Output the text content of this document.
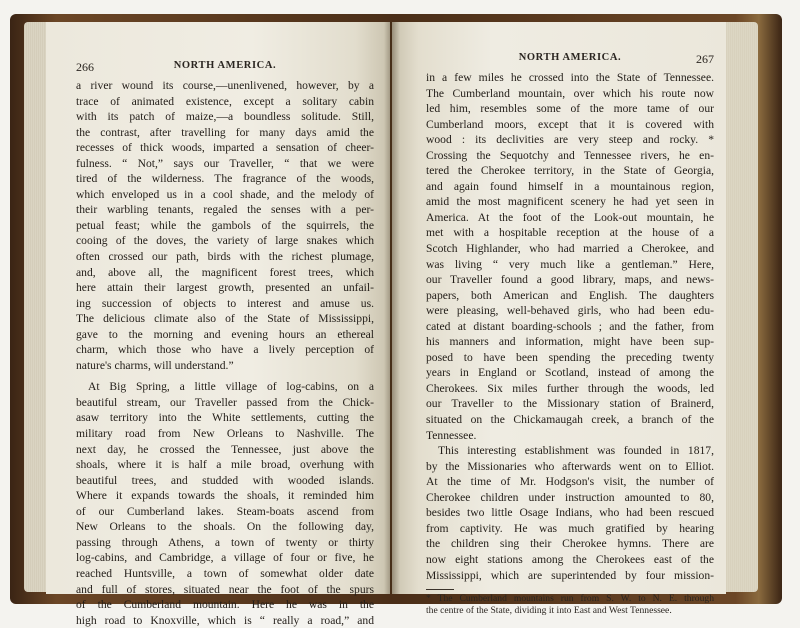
266	NORTH AMERICA.
a river wound its course,—unenlivened, however, by a
trace of animated existence, except a solitary cabin
with its patch of maize,—a boundless solitude. Still,
the contrast, after travelling for many days amid the
recesses of thick woods, imparted a sensation of cheer-
fulness. “ Not,” says our Traveller, “ that we were
tired of the wilderness. The fragrance of the woods,
which enveloped us in a cool shade, and the melody of
their warbling tenants, regaled the senses with a per-
petual feast; while the gambols of the squirrels, the
cooing of the doves, the variety of large snakes which
often crossed our path, birds with the richest plumage,
and, above all, the magnificent forest trees, which
here attain their largest growth, presented an unfail-
ing succession of objects to interest and amuse us.
The delicious climate also of the State of Mississippi,
gave to the morning and evening hours an ethereal
charm, which those who have a lively perception of
nature's charms, will understand.”
At Big Spring, a little village of log-cabins, on a
beautiful stream, our Traveller passed from the Chick-
asaw territory into the White settlements, cutting the
military road from New Orleans to Nashville. The
next day, he crossed the Tennessee, just above the
shoals, where it is half a mile broad, overhung with
beautiful trees, and studded with wooded islands.
Where it expands towards the shoals, it reminded him
of our Cumberland lakes. Steam-boats ascend from
New Orleans to the shoals. On the following day,
passing through Athens, a town of twenty or thirty
log-cabins, and Cambridge, a village of four or five, he
reached Huntsville, a town of somewhat older date
and full of stores, situated near the foot of the spurs
of the Cumberland mountain. Here he was in the
high road to Knoxville, which is “ really a road,” and
NORTH AMERICA.	267
in a few miles he crossed into the State of Tennessee.
The Cumberland mountain, over which his route now
led him, resembles some of the more tame of our
Cumberland moors, except that it is covered with
wood : its declivities are very steep and rocky. *
Crossing the Sequotchy and Tennessee rivers, he en-
tered the Cherokee territory, in the State of Georgia,
and again found himself in a mountainous region,
amid the most magnificent scenery he had yet seen in
America. At the foot of the Look-out mountain, he
met with a hospitable reception at the house of a
Scotch Highlander, who had married a Cherokee, and
was living “ very much like a gentleman.” Here,
our Traveller found a good library, maps, and news-
papers, both American and English. The daughters
were pleasing, well-behaved girls, who had been edu-
cated at distant boarding-schools ; and the father, from
his manners and information, might have been sup-
posed to have been spending the preceding twenty
years in England or Scotland, instead of among the
Cherokees. Six miles further through the woods, led
our Traveller to the Missionary station of Brainerd,
situated on the Chickamaugah creek, a branch of the
Tennessee.
This interesting establishment was founded in 1817,
by the Missionaries who afterwards went on to Elliot.
At the time of Mr. Hodgson's visit, the number of
Cherokee children under instruction amounted to 80,
besides two little Osage Indians, who had been rescued
from captivity. He was much gratified by hearing
the children sing their Cherokee hymns. There are
now eight stations among the Cherokees east of the
Mississippi, which are superintended by four mission-
* The Cumberland mountains run from S. W. to N. E. through
the centre of the State, dividing it into East and West Tennessee.
